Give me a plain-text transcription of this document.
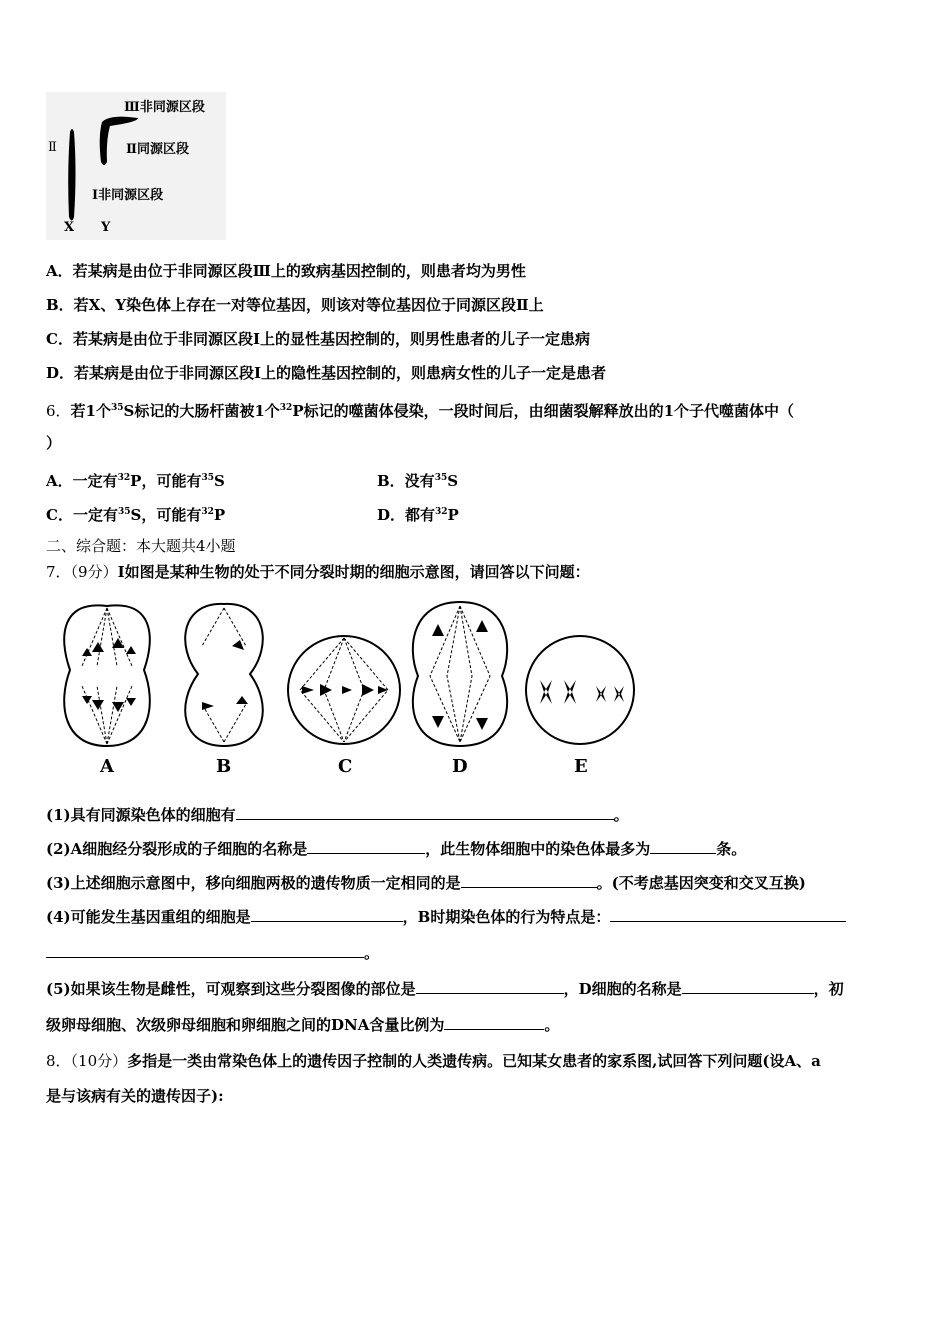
Ⅲ非同源区段
Ⅱ同源区段
Ⅱ
Ⅰ非同源区段
X Y
A．若某病是由位于非同源区段Ⅲ上的致病基因控制的，则患者均为男性
B．若X、Y染色体上存在一对等位基因，则该对等位基因位于同源区段Ⅱ上
C．若某病是由位于非同源区段Ⅰ上的显性基因控制的，则男性患者的儿子一定患病
D．若某病是由位于非同源区段Ⅰ上的隐性基因控制的，则患病女性的儿子一定是患者
6．若1个$^{35}$S标记的大肠杆菌被1个$^{32}$P标记的噬菌体侵染，一段时间后，由细菌裂解释放出的1个子代噬菌体中（
）
A．一定有$^{32}$P，可能有$^{35}$S	B．没有$^{35}$S
C．一定有$^{35}$S，可能有$^{32}$P	D．都有$^{32}$P
二、综合题：本大题共4小题
7．（9分）Ⅰ如图是某种生物的处于不同分裂时期的细胞示意图，请回答以下问题：
A	B	C	D	E
(1)具有同源染色体的细胞有	。
(2)A细胞经分裂形成的子细胞的名称是	，此生物体细胞中的染色体最多为	条。
(3)上述细胞示意图中，移向细胞两极的遗传物质一定相同的是	。(不考虑基因突变和交叉互换)
(4)可能发生基因重组的细胞是	，B时期染色体的行为特点是：
。
(5)如果该生物是雌性，可观察到这些分裂图像的部位是	，D细胞的名称是	，初
级卵母细胞、次级卵母细胞和卵细胞之间的DNA含量比例为	。
8．（10分）多指是一类由常染色体上的遗传因子控制的人类遗传病。已知某女患者的家系图,试回答下列问题(设A、a
是与该病有关的遗传因子):
